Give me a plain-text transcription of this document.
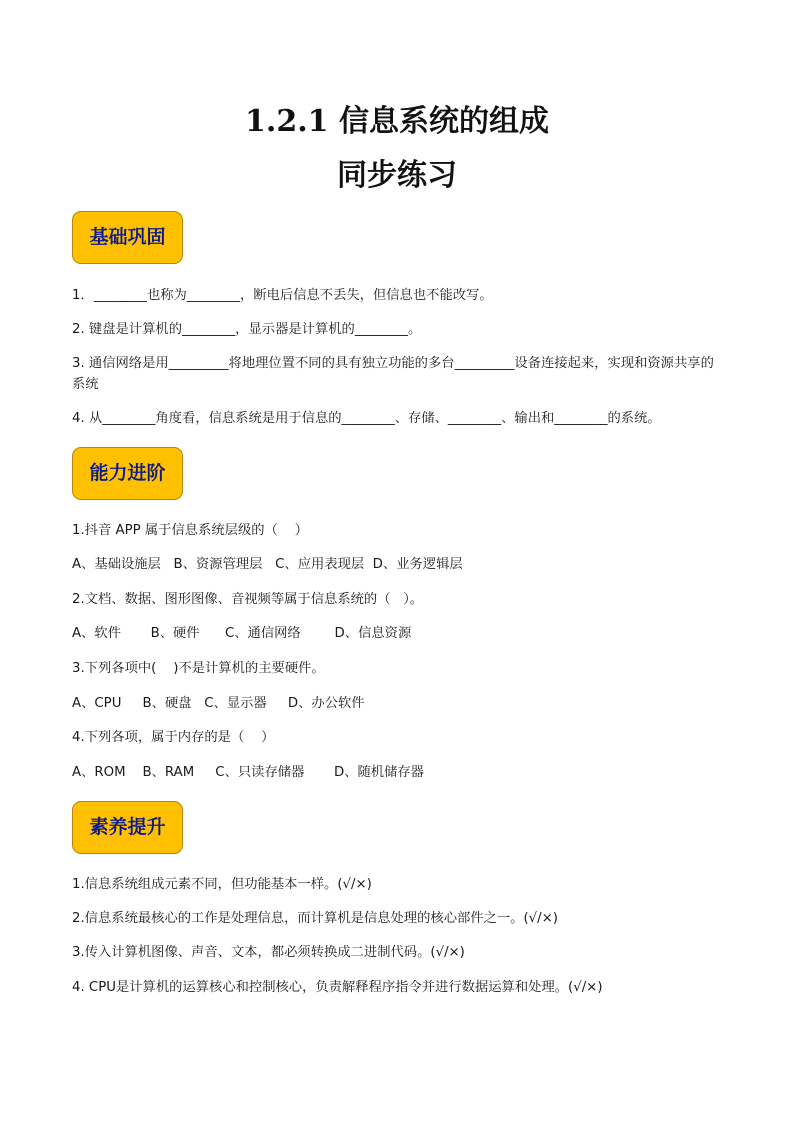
1.2.1 信息系统的组成
同步练习
基础巩固
1．________也称为________，断电后信息不丢失，但信息也不能改写。
2. 键盘是计算机的________，显示器是计算机的________。
3. 通信网络是用_________将地理位置不同的具有独立功能的多台_________设备连接起来，实现和资源共享的系统
4. 从________角度看，信息系统是用于信息的________、存储、________、输出和________的系统。
能力进阶
1.抖音 APP 属于信息系统层级的（    ）
A、基础设施层   B、资源管理层   C、应用表现层  D、业务逻辑层
2.文档、数据、图形图像、音视频等属于信息系统的（   ）。
A、软件       B、硬件      C、通信网络        D、信息资源
3.下列各项中(    )不是计算机的主要硬件。
A、CPU     B、硬盘   C、显示器     D、办公软件
4.下列各项，属于内存的是（    ）
A、ROM    B、RAM     C、只读存储器       D、随机储存器
素养提升
1.信息系统组成元素不同，但功能基本一样。(√/×)
2.信息系统最核心的工作是处理信息，而计算机是信息处理的核心部件之一。(√/×)
3.传入计算机图像、声音、文本，都必须转换成二进制代码。(√/×)
4. CPU是计算机的运算核心和控制核心，负责解释程序指令并进行数据运算和处理。(√/×)
